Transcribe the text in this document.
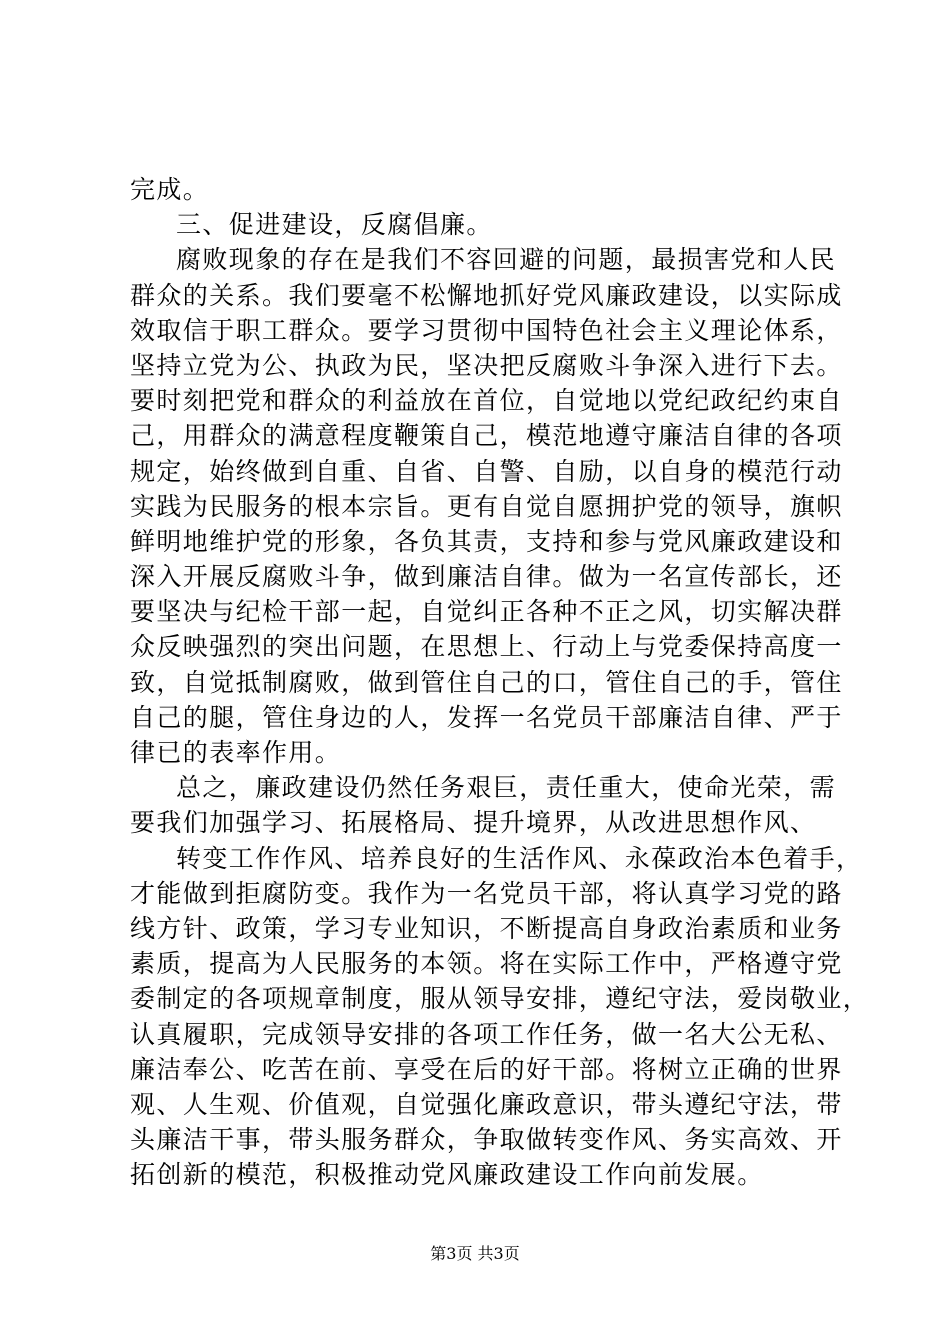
完成。
三、促进建设，反腐倡廉。
腐败现象的存在是我们不容回避的问题，最损害党和人民
群众的关系。我们要毫不松懈地抓好党风廉政建设，以实际成
效取信于职工群众。要学习贯彻中国特色社会主义理论体系，
坚持立党为公、执政为民，坚决把反腐败斗争深入进行下去。
要时刻把党和群众的利益放在首位，自觉地以党纪政纪约束自
己，用群众的满意程度鞭策自己，模范地遵守廉洁自律的各项
规定，始终做到自重、自省、自警、自励，以自身的模范行动
实践为民服务的根本宗旨。更有自觉自愿拥护党的领导，旗帜
鲜明地维护党的形象，各负其责，支持和参与党风廉政建设和
深入开展反腐败斗争，做到廉洁自律。做为一名宣传部长，还
要坚决与纪检干部一起，自觉纠正各种不正之风，切实解决群
众反映强烈的突出问题，在思想上、行动上与党委保持高度一
致，自觉抵制腐败，做到管住自己的口，管住自己的手，管住
自己的腿，管住身边的人，发挥一名党员干部廉洁自律、严于
律已的表率作用。
总之，廉政建设仍然任务艰巨，责任重大，使命光荣，需
要我们加强学习、拓展格局、提升境界，从改进思想作风、
转变工作作风、培养良好的生活作风、永葆政治本色着手，
才能做到拒腐防变。我作为一名党员干部，将认真学习党的路
线方针、政策，学习专业知识，不断提高自身政治素质和业务
素质，提高为人民服务的本领。将在实际工作中，严格遵守党
委制定的各项规章制度，服从领导安排，遵纪守法，爱岗敬业，
认真履职，完成领导安排的各项工作任务，做一名大公无私、
廉洁奉公、吃苦在前、享受在后的好干部。将树立正确的世界
观、人生观、价值观，自觉强化廉政意识，带头遵纪守法，带
头廉洁干事，带头服务群众，争取做转变作风、务实高效、开
拓创新的模范，积极推动党风廉政建设工作向前发展。
第3页 共3页
